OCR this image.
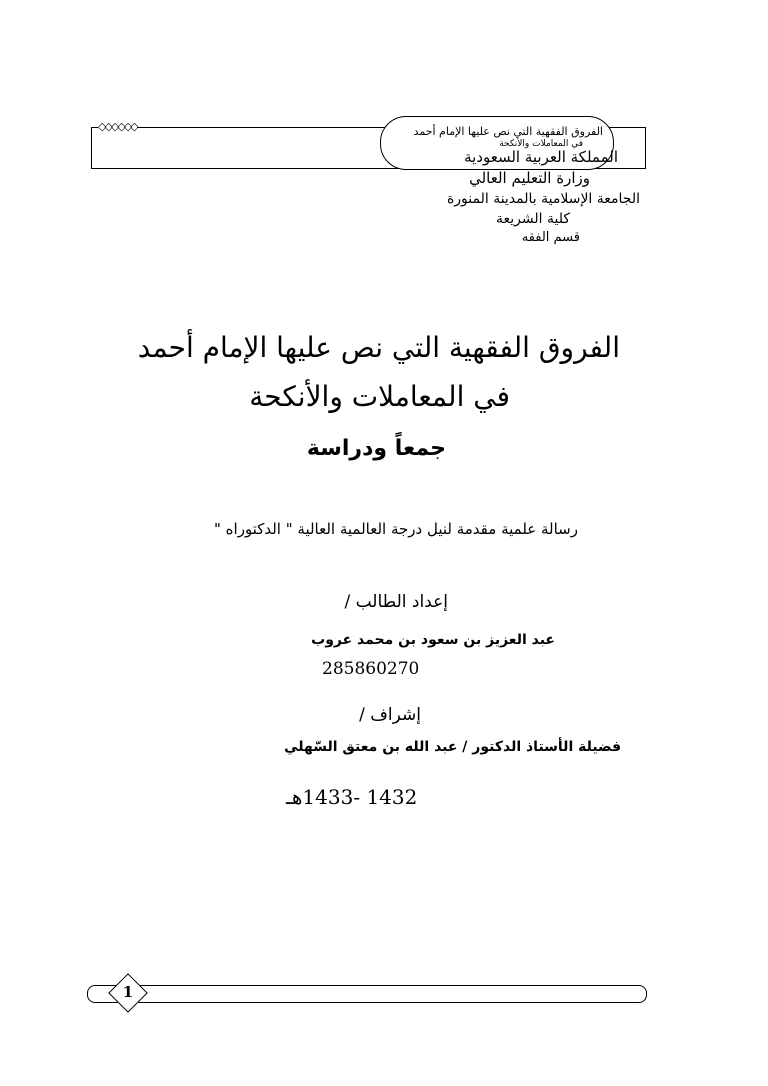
◇◇◇◇◇◇	الفروق الفقهية التي نص عليها الإمام أحمد
في المعاملات والأنكحة
المملكة العربية السعودية
وزارة التعليم العالي
الجامعة الإسلامية بالمدينة المنورة
كلية الشريعة
قسم الفقه
الفروق الفقهية التي نص عليها الإمام أحمد
في المعاملات والأنكحة
جمعاً ودراسة
رسالة علمية مقدمة لنيل درجة العالمية العالية " الدكتوراه "
إعداد الطالب /
عبد العزيز بن سعود بن محمد عروب
285860270
إشراف /
فضيلة الأستاذ الدكتور / عبد الله بن معتق السّهلي
1432 -1433هـ
1
